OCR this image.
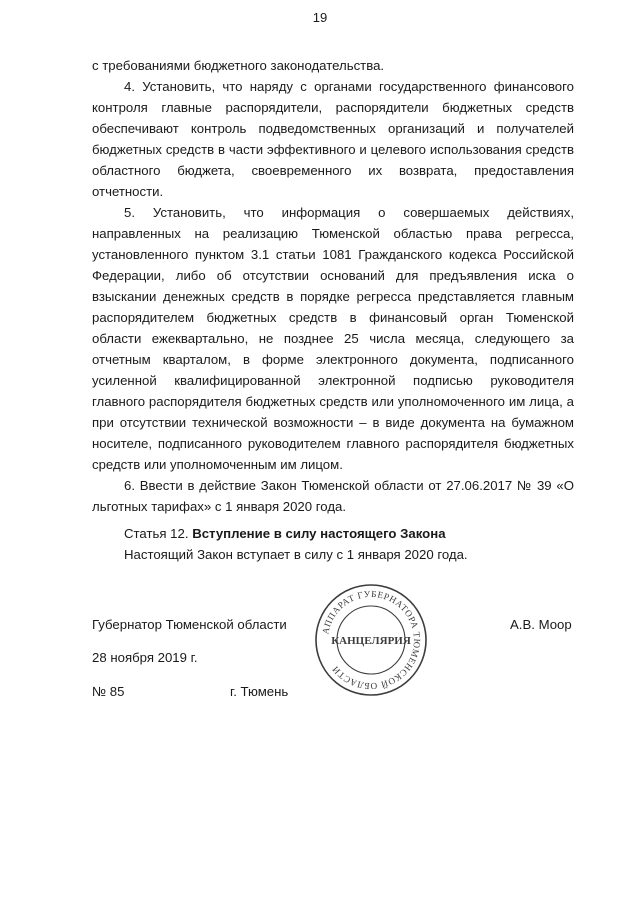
19

с требованиями бюджетного законодательства.

4. Установить, что наряду с органами государственного финансового контроля главные распорядители, распорядители бюджетных средств обеспечивают контроль подведомственных организаций и получателей бюджетных средств в части эффективного и целевого использования средств областного бюджета, своевременного их возврата, предоставления отчетности.

5. Установить, что информация о совершаемых действиях, направленных на реализацию Тюменской областью права регресса, установленного пунктом 3.1 статьи 1081 Гражданского кодекса Российской Федерации, либо об отсутствии оснований для предъявления иска о взыскании денежных средств в порядке регресса представляется главным распорядителем бюджетных средств в финансовый орган Тюменской области ежеквартально, не позднее 25 числа месяца, следующего за отчетным кварталом, в форме электронного документа, подписанного усиленной квалифицированной электронной подписью руководителя главного распорядителя бюджетных средств или уполномоченного им лица, а при отсутствии технической возможности – в виде документа на бумажном носителе, подписанного руководителем главного распорядителя бюджетных средств или уполномоченным им лицом.

6. Ввести в действие Закон Тюменской области от 27.06.2017 № 39 «О льготных тарифах» с 1 января 2020 года.

Статья 12. Вступление в силу настоящего Закона
Настоящий Закон вступает в силу с 1 января 2020 года.
Губернатор Тюменской области
28 ноября 2019 г.
№ 85	г. Тюмень
А.В. Моор
АППАРАТ ГУБЕРНАТОРА ТЮМЕНСКОЙ ОБЛАСТИ
КАНЦЕЛЯРИЯ
